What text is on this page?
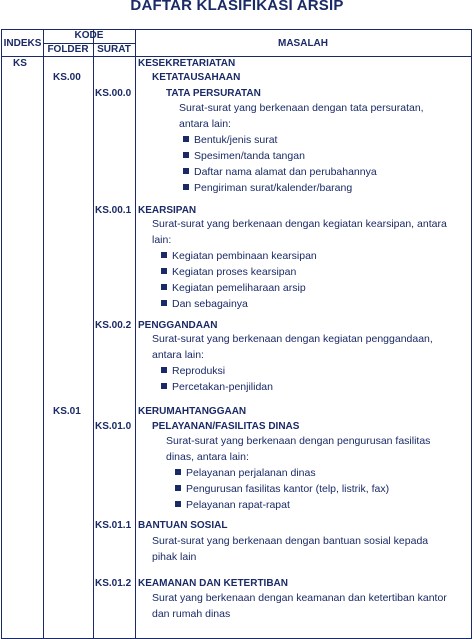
DAFTAR KLASIFIKASI ARSIP
INDEKS
KODE
FOLDER SURAT
MASALAH
KS
KS.00
KS.01
KS.00.0
KS.00.1
KS.00.2
KS.01.0
KS.01.1
KS.01.2
KESEKRETARIATAN
KETATAUSAHAAN
TATA PERSURATAN
KEARSIPAN
PENGGANDAAN
KERUMAHTANGGAAN
PELAYANAN/FASILITAS DINAS
BANTUAN SOSIAL
KEAMANAN DAN KETERTIBAN
Surat-surat yang berkenaan dengan tata persuratan,
antara lain:
Surat-surat yang berkenaan dengan kegiatan kearsipan, antara
lain:
Surat-surat yang berkenaan dengan kegiatan penggandaan,
antara lain:
Surat-surat yang berkenaan dengan pengurusan fasilitas
dinas, antara lain:
Surat-surat yang berkenaan dengan bantuan sosial kepada
pihak lain
Surat yang berkenaan dengan keamanan dan ketertiban kantor
dan rumah dinas
Bentuk/jenis surat
Spesimen/tanda tangan
Daftar nama alamat dan perubahannya
Pengiriman surat/kalender/barang
Kegiatan pembinaan kearsipan
Kegiatan proses kearsipan
Kegiatan pemeliharaan arsip
Dan sebagainya
Reproduksi
Percetakan-penjilidan
Pelayanan perjalanan dinas
Pengurusan fasilitas kantor (telp, listrik, fax)
Pelayanan rapat-rapat
